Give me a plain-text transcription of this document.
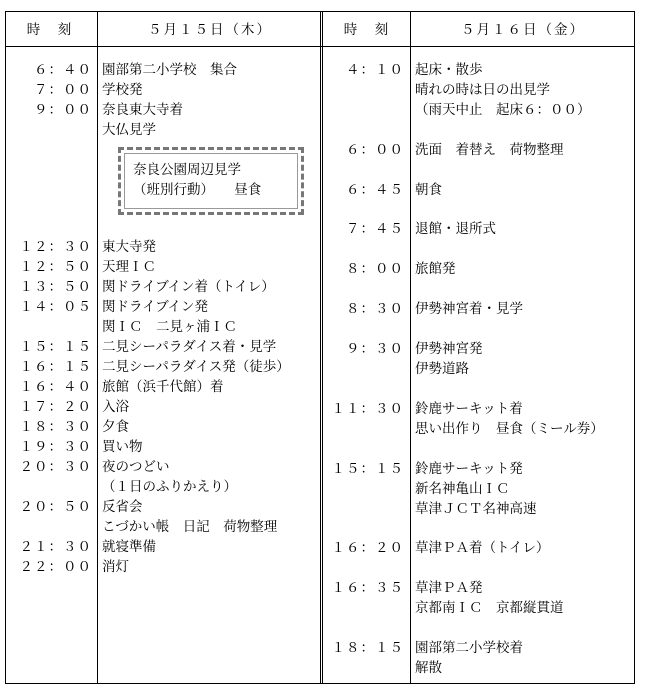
時　刻	５月１５日（木）	時　刻	５月１６日（金）
６：４０ 園部第二小学校　集合
７：００ 学校発
９：００ 奈良東大寺着
大仏見学
奈良公園周辺見学
（班別行動）　　昼食
１２：３０ 東大寺発
１２：５０ 天理ＩＣ
１３：５０ 関ドライブイン着（トイレ）
１４：０５ 関ドライブイン発
関ＩＣ　二見ヶ浦ＩＣ
１５：１５ 二見シーパラダイス着・見学
１６：１５ 二見シーパラダイス発（徒歩）
１６：４０ 旅館（浜千代館）着
１７：２０ 入浴
１８：３０ 夕食
１９：３０ 買い物
２０：３０ 夜のつどい
（１日のふりかえり）
２０：５０ 反省会
こづかい帳　日記　荷物整理
２１：３０ 就寝準備
２２：００ 消灯
４：１０ 起床・散歩
晴れの時は日の出見学
（雨天中止　起床６：００）
６：００ 洗面　着替え　荷物整理
６：４５ 朝食
７：４５ 退館・退所式
８：００ 旅館発
８：３０ 伊勢神宮着・見学
９：３０ 伊勢神宮発
伊勢道路
１１：３０ 鈴鹿サーキット着
思い出作り　昼食（ミール券）
１５：１５ 鈴鹿サーキット発
新名神亀山ＩＣ
草津ＪＣＴ名神高速
１６：２０ 草津ＰＡ着（トイレ）
１６：３５ 草津ＰＡ発
京都南ＩＣ　京都縦貫道
１８：１５ 園部第二小学校着
解散
